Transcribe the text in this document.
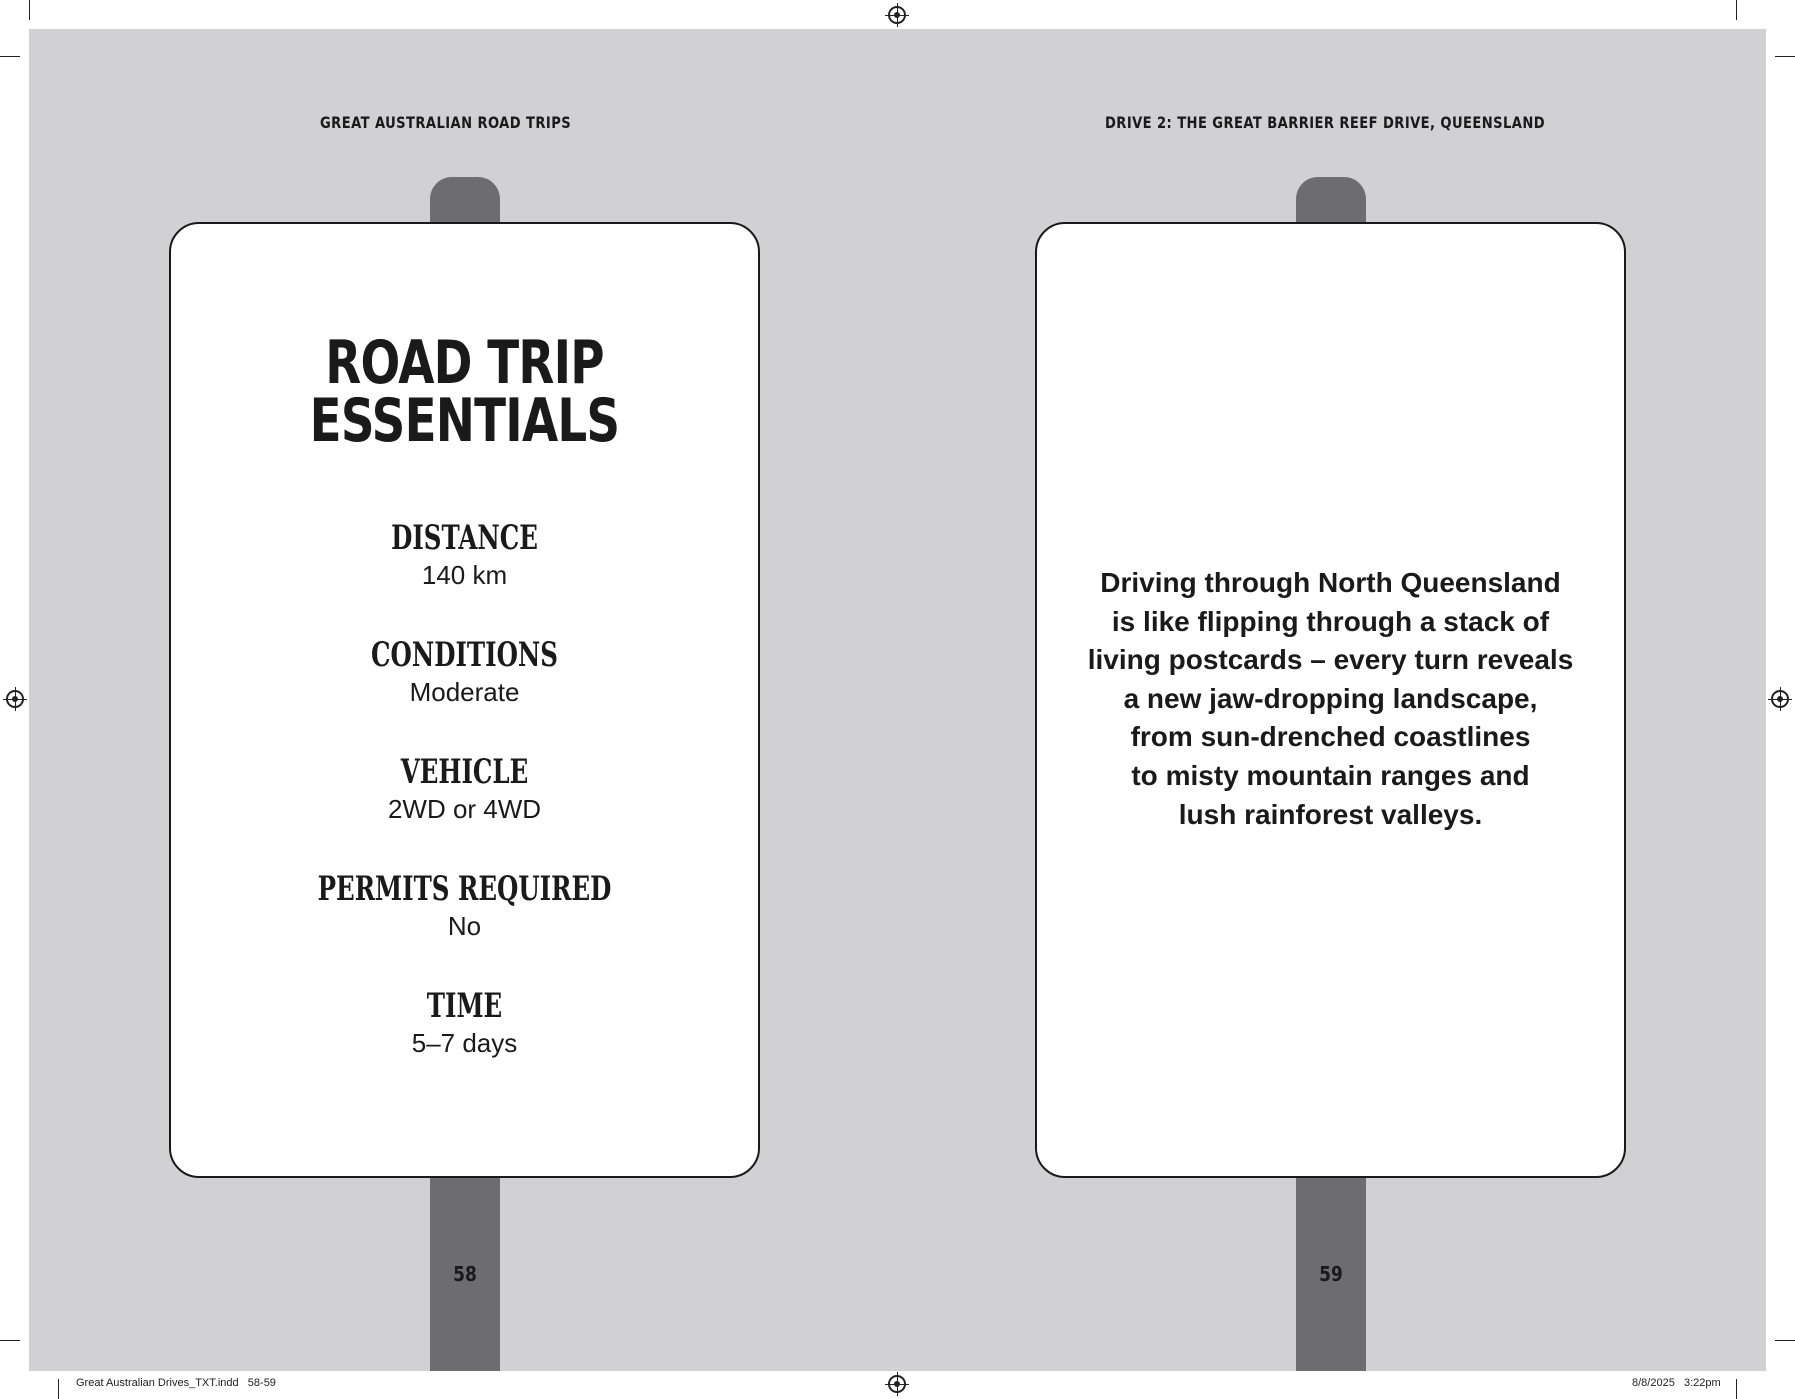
GREAT AUSTRALIAN ROAD TRIPS	DRIVE 2: THE GREAT BARRIER REEF DRIVE, QUEENSLAND
58
ROAD TRIP
ESSENTIALS
DISTANCE
140 km
CONDITIONS
Moderate
VEHICLE
2WD or 4WD
PERMITS REQUIRED
No
TIME
5–7 days
59
Driving through North Queensland
is like flipping through a stack of
living postcards – every turn reveals
a new jaw-dropping landscape,
from sun-drenched coastlines
to misty mountain ranges and
lush rainforest valleys.
Great Australian Drives_TXT.indd   58-59	8/8/2025   3:22pm
